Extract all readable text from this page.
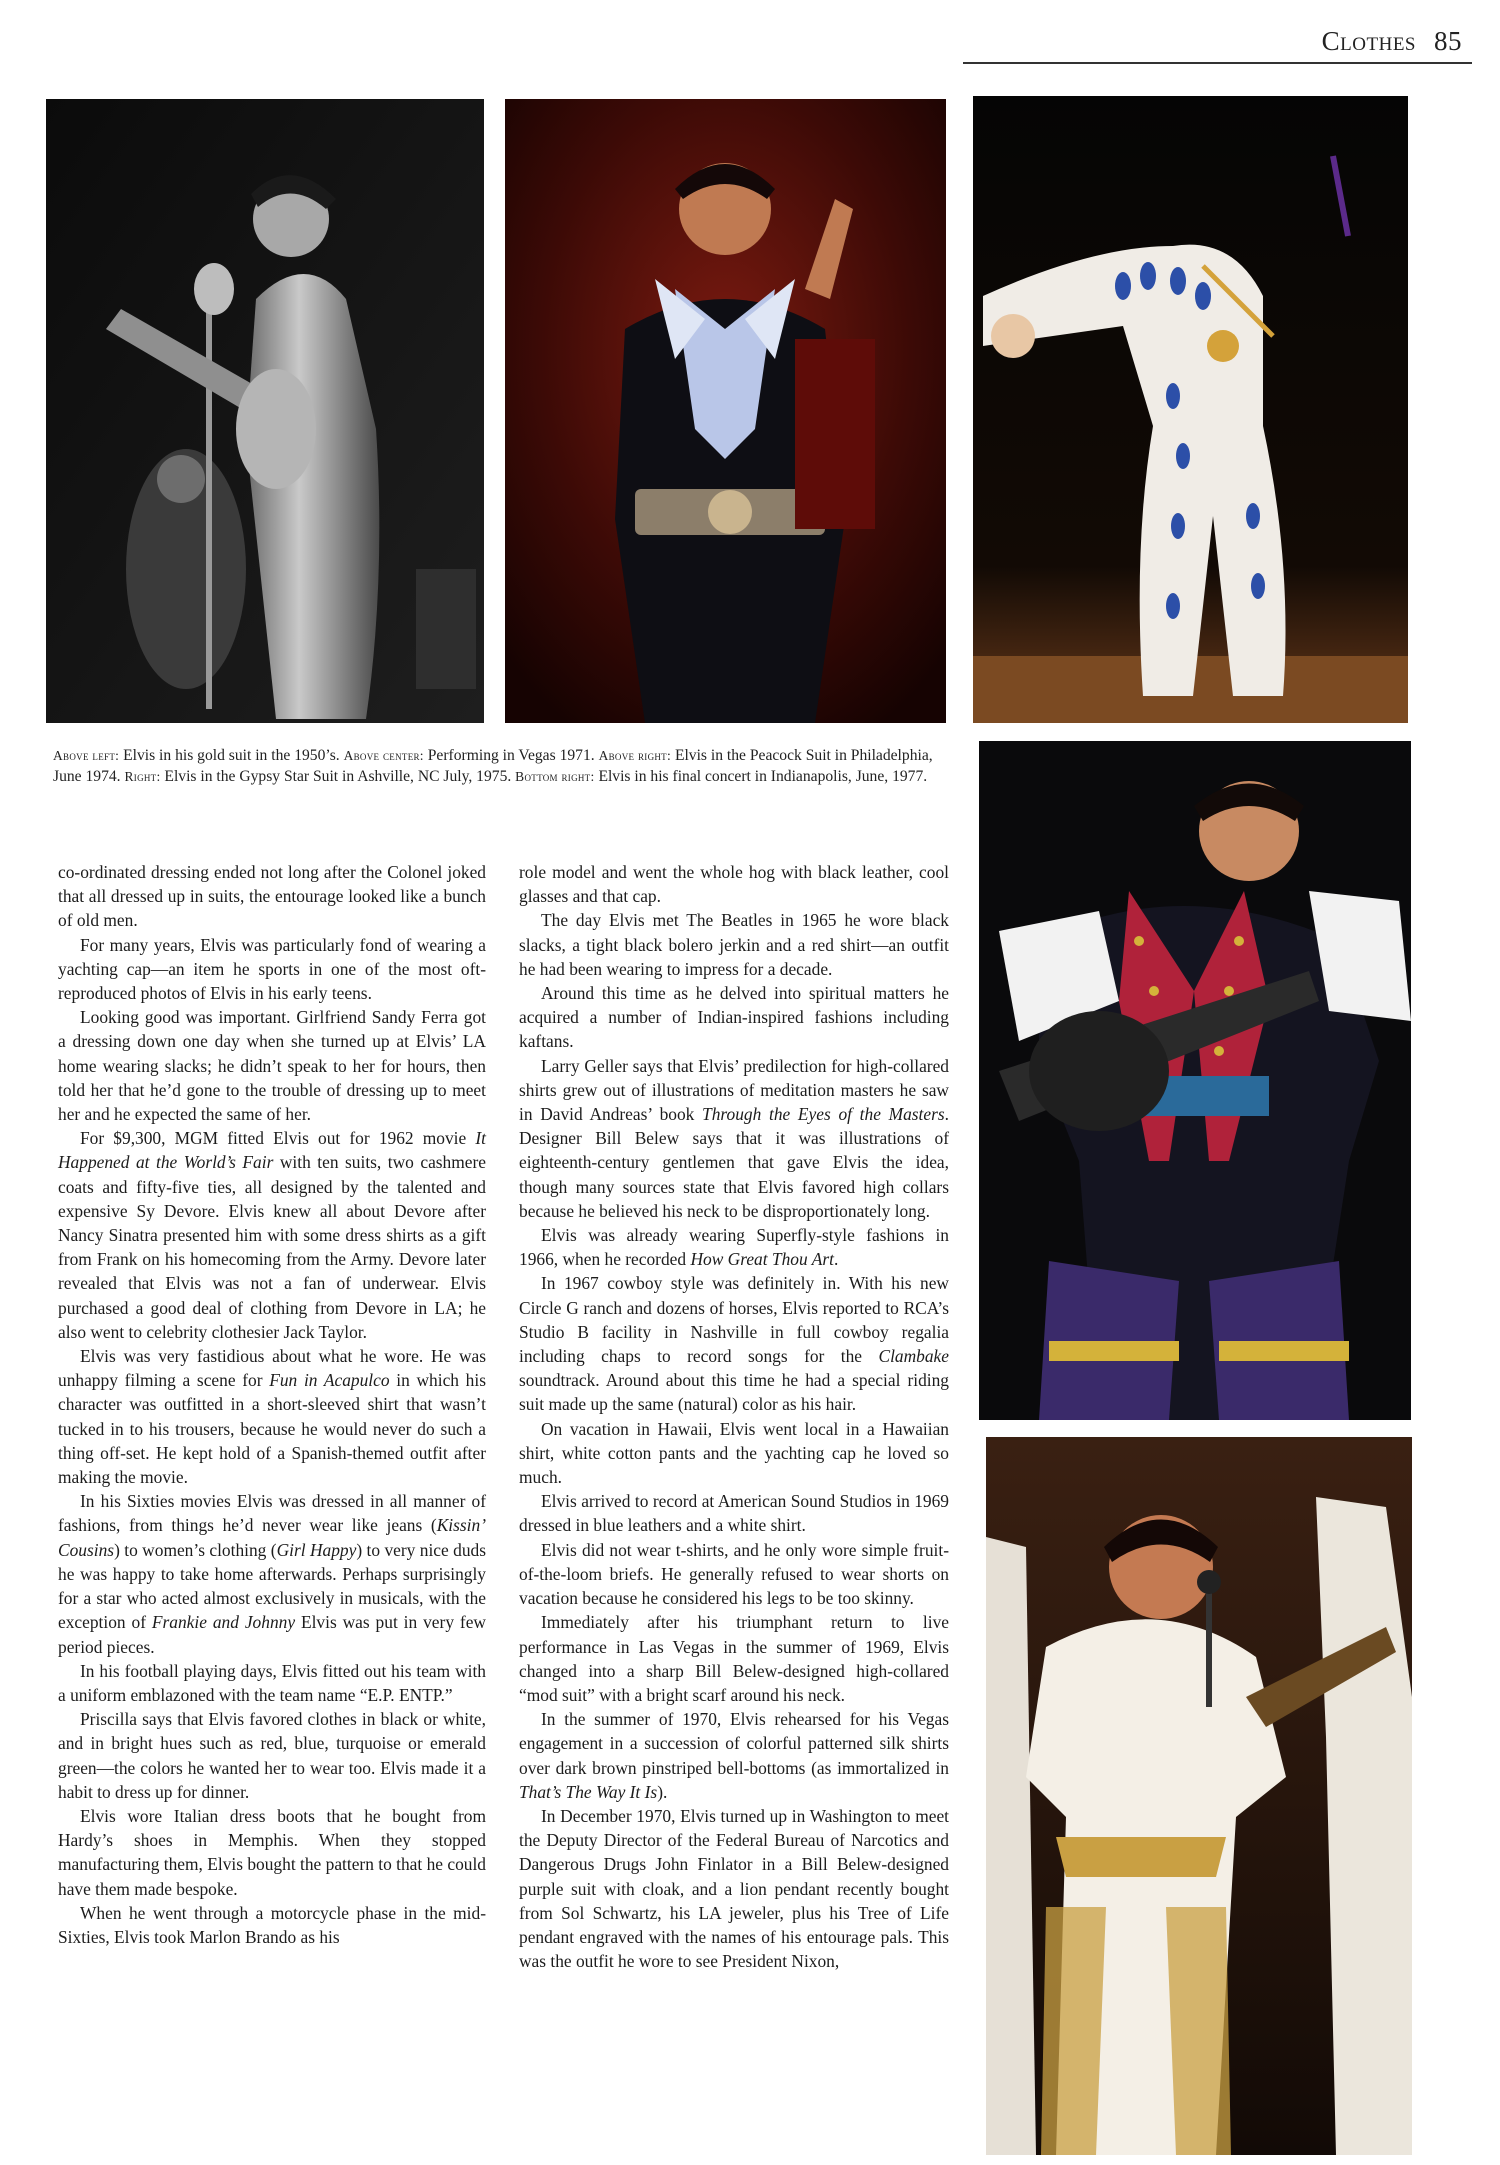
Clothes 85
Above left: Elvis in his gold suit in the 1950’s. Above center: Performing in Vegas 1971. Above right: Elvis in the Peacock Suit in Philadelphia, June 1974. Right: Elvis in the Gypsy Star Suit in Ashville, NC July, 1975. Bottom right: Elvis in his final concert in Indianapolis, June, 1977.

co-ordinated dressing ended not long after the Colonel joked that all dressed up in suits, the entourage looked like a bunch of old men.

For many years, Elvis was particularly fond of wearing a yachting cap—an item he sports in one of the most oft-reproduced photos of Elvis in his early teens.

Looking good was important. Girlfriend Sandy Ferra got a dressing down one day when she turned up at Elvis’ LA home wearing slacks; he didn’t speak to her for hours, then told her that he’d gone to the trouble of dressing up to meet her and he expected the same of her.

For $9,300, MGM fitted Elvis out for 1962 movie It Happened at the World’s Fair with ten suits, two cashmere coats and fifty-five ties, all designed by the talented and expensive Sy Devore. Elvis knew all about Devore after Nancy Sinatra presented him with some dress shirts as a gift from Frank on his homecoming from the Army. Devore later revealed that Elvis was not a fan of underwear. Elvis purchased a good deal of clothing from Devore in LA; he also went to celebrity clothesier Jack Taylor.

Elvis was very fastidious about what he wore. He was unhappy filming a scene for Fun in Acapulco in which his character was outfitted in a short-sleeved shirt that wasn’t tucked in to his trousers, because he would never do such a thing off-set. He kept hold of a Spanish-themed outfit after making the movie.

In his Sixties movies Elvis was dressed in all manner of fashions, from things he’d never wear like jeans (Kissin’ Cousins) to women’s clothing (Girl Happy) to very nice duds he was happy to take home afterwards. Perhaps surprisingly for a star who acted almost exclusively in musicals, with the exception of Frankie and Johnny Elvis was put in very few period pieces.

In his football playing days, Elvis fitted out his team with a uniform emblazoned with the team name “E.P. ENTP.”

Priscilla says that Elvis favored clothes in black or white, and in bright hues such as red, blue, turquoise or emerald green—the colors he wanted her to wear too. Elvis made it a habit to dress up for dinner.

Elvis wore Italian dress boots that he bought from Hardy’s shoes in Memphis. When they stopped manufacturing them, Elvis bought the pattern to that he could have them made bespoke.

When he went through a motorcycle phase in the mid-Sixties, Elvis took Marlon Brando as his

role model and went the whole hog with black leather, cool glasses and that cap.

The day Elvis met The Beatles in 1965 he wore black slacks, a tight black bolero jerkin and a red shirt—an outfit he had been wearing to impress for a decade.

Around this time as he delved into spiritual matters he acquired a number of Indian-inspired fashions including kaftans.

Larry Geller says that Elvis’ predilection for high-collared shirts grew out of illustrations of meditation masters he saw in David Andreas’ book Through the Eyes of the Masters. Designer Bill Belew says that it was illustrations of eighteenth-century gentlemen that gave Elvis the idea, though many sources state that Elvis favored high collars because he believed his neck to be disproportionately long.

Elvis was already wearing Superfly-style fashions in 1966, when he recorded How Great Thou Art.

In 1967 cowboy style was definitely in. With his new Circle G ranch and dozens of horses, Elvis reported to RCA’s Studio B facility in Nashville in full cowboy regalia including chaps to record songs for the Clambake soundtrack. Around about this time he had a special riding suit made up the same (natural) color as his hair.

On vacation in Hawaii, Elvis went local in a Hawaiian shirt, white cotton pants and the yachting cap he loved so much.

Elvis arrived to record at American Sound Studios in 1969 dressed in blue leathers and a white shirt.

Elvis did not wear t-shirts, and he only wore simple fruit-of-the-loom briefs. He generally refused to wear shorts on vacation because he considered his legs to be too skinny.

Immediately after his triumphant return to live performance in Las Vegas in the summer of 1969, Elvis changed into a sharp Bill Belew-designed high-collared “mod suit” with a bright scarf around his neck.

In the summer of 1970, Elvis rehearsed for his Vegas engagement in a succession of colorful patterned silk shirts over dark brown pinstriped bell-bottoms (as immortalized in That’s The Way It Is).

In December 1970, Elvis turned up in Washington to meet the Deputy Director of the Federal Bureau of Narcotics and Dangerous Drugs John Finlator in a Bill Belew-designed purple suit with cloak, and a lion pendant recently bought from Sol Schwartz, his LA jeweler, plus his Tree of Life pendant engraved with the names of his entourage pals. This was the outfit he wore to see President Nixon,
